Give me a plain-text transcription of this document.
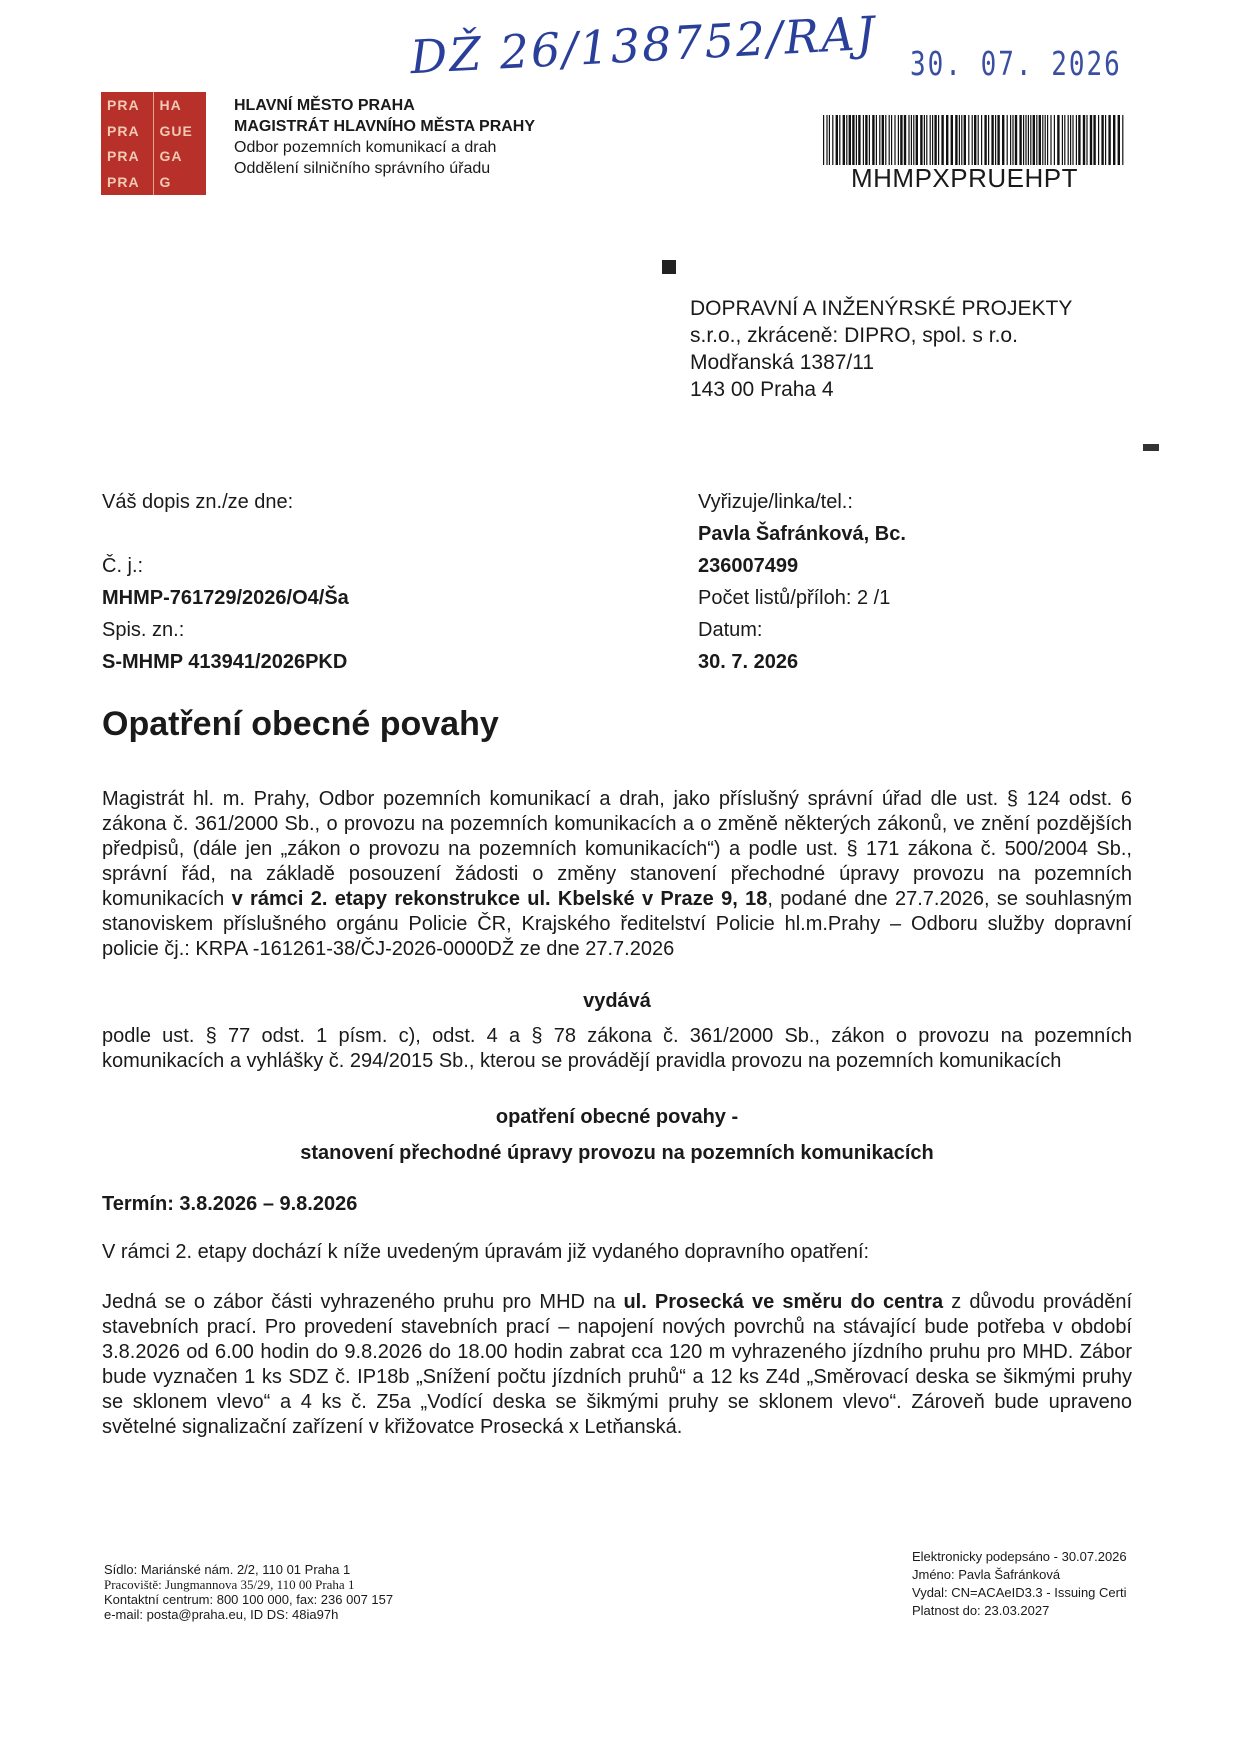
DŽ 26/138752/RAJ 30. 07. 2026
PRA	HA
PRA	GUE
PRA	GA
PRA	G
HLAVNÍ MĚSTO PRAHA
MAGISTRÁT HLAVNÍHO MĚSTA PRAHY
Odbor pozemních komunikací a drah
Oddělení silničního správního úřadu	MHMPXPRUEHPT
DOPRAVNÍ A INŽENÝRSKÉ PROJEKTY
s.r.o., zkráceně: DIPRO, spol. s r.o.
Modřanská 1387/11
143 00 Praha 4
Váš dopis zn./ze dne:
Č. j.:
MHMP-761729/2026/O4/Ša
Spis. zn.:
S-MHMP 413941/2026PKD
Vyřizuje/linka/tel.:
Pavla Šafránková, Bc.
236007499
Počet listů/příloh: 2 /1
Datum:
30. 7. 2026
Opatření obecné povahy
Magistrát hl. m. Prahy, Odbor pozemních komunikací a drah, jako příslušný správní úřad dle ust. § 124 odst. 6 zákona č. 361/2000 Sb., o provozu na pozemních komunikacích a o změně některých zákonů, ve znění pozdějších předpisů, (dále jen „zákon o provozu na pozemních komunikacích“) a podle ust. § 171 zákona č. 500/2004 Sb., správní řád, na základě posouzení žádosti o změny stanovení přechodné úpravy provozu na pozemních komunikacích v rámci 2. etapy rekonstrukce ul. Kbelské v Praze 9, 18, podané dne 27.7.2026, se souhlasným stanoviskem příslušného orgánu Policie ČR, Krajského ředitelství Policie hl.m.Prahy – Odboru služby dopravní policie čj.: KRPA -161261-38/ČJ-2026-0000DŽ ze dne 27.7.2026
vydává
podle ust. § 77 odst. 1 písm. c), odst. 4 a § 78 zákona č. 361/2000 Sb., zákon o provozu na pozemních komunikacích a vyhlášky č. 294/2015 Sb., kterou se provádějí pravidla provozu na pozemních komunikacích
opatření obecné povahy -
stanovení přechodné úpravy provozu na pozemních komunikacích
Termín: 3.8.2026 – 9.8.2026
V rámci 2. etapy dochází k níže uvedeným úpravám již vydaného dopravního opatření:
Jedná se o zábor části vyhrazeného pruhu pro MHD na ul. Prosecká ve směru do centra z důvodu provádění stavebních prací. Pro provedení stavebních prací – napojení nových povrchů na stávající bude potřeba v období 3.8.2026 od 6.00 hodin do 9.8.2026 do 18.00 hodin zabrat cca 120 m vyhrazeného jízdního pruhu pro MHD. Zábor bude vyznačen 1 ks SDZ č. IP18b „Snížení počtu jízdních pruhů“ a 12 ks Z4d „Směrovací deska se šikmými pruhy se sklonem vlevo“ a 4 ks č. Z5a „Vodící deska se šikmými pruhy se sklonem vlevo“. Zároveň bude upraveno světelné signalizační zařízení v křižovatce Prosecká x Letňanská.
Sídlo: Mariánské nám. 2/2, 110 01 Praha 1
Pracoviště: Jungmannova 35/29, 110 00 Praha 1
Kontaktní centrum: 800 100 000, fax: 236 007 157
e-mail: posta@praha.eu, ID DS: 48ia97h
Elektronicky podepsáno - 30.07.2026
Jméno: Pavla Šafránková
Vydal: CN=ACAeID3.3 - Issuing Certi
Platnost do: 23.03.2027
